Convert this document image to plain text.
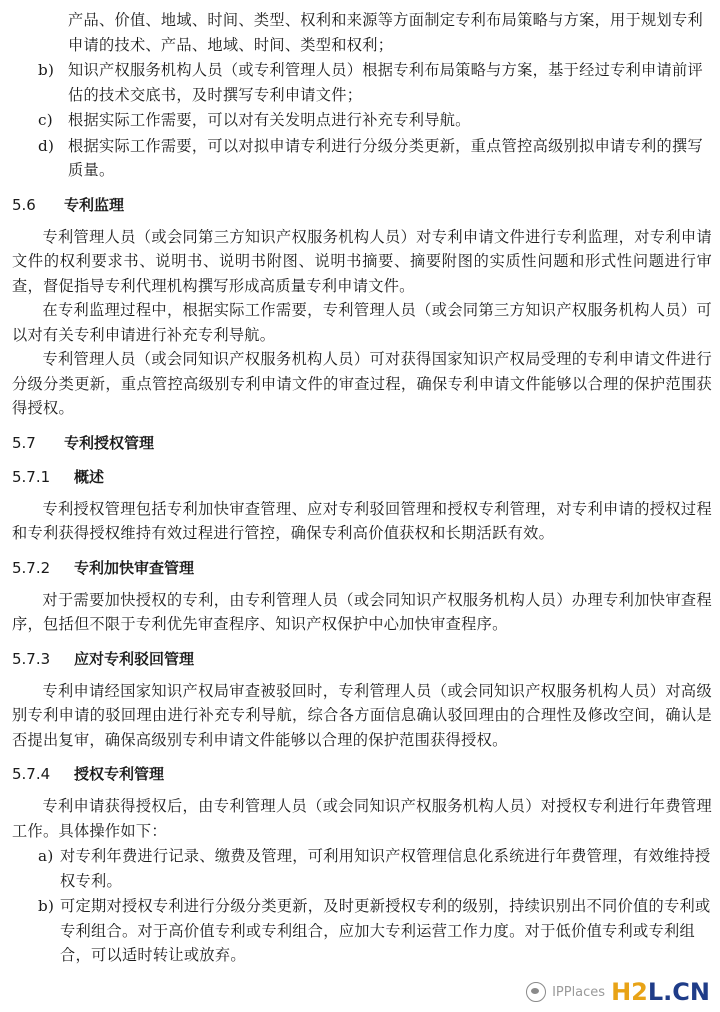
产品、价值、地域、时间、类型、权利和来源等方面制定专利布局策略与方案，用于规划专利申请的技术、产品、地域、时间、类型和权利；
b) 知识产权服务机构人员（或专利管理人员）根据专利布局策略与方案，基于经过专利申请前评估的技术交底书，及时撰写专利申请文件；
c) 根据实际工作需要，可以对有关发明点进行补充专利导航。
d) 根据实际工作需要，可以对拟申请专利进行分级分类更新，重点管控高级别拟申请专利的撰写质量。
5.6	专利监理

专利管理人员（或会同第三方知识产权服务机构人员）对专利申请文件进行专利监理，对专利申请文件的权利要求书、说明书、说明书附图、说明书摘要、摘要附图的实质性问题和形式性问题进行审查，督促指导专利代理机构撰写形成高质量专利申请文件。

在专利监理过程中，根据实际工作需要，专利管理人员（或会同第三方知识产权服务机构人员）可以对有关专利申请进行补充专利导航。

专利管理人员（或会同知识产权服务机构人员）可对获得国家知识产权局受理的专利申请文件进行分级分类更新，重点管控高级别专利申请文件的审查过程，确保专利申请文件能够以合理的保护范围获得授权。

5.7	专利授权管理
5.7.1	概述

专利授权管理包括专利加快审查管理、应对专利驳回管理和授权专利管理，对专利申请的授权过程和专利获得授权维持有效过程进行管控，确保专利高价值获权和长期活跃有效。

5.7.2	专利加快审查管理

对于需要加快授权的专利，由专利管理人员（或会同知识产权服务机构人员）办理专利加快审查程序，包括但不限于专利优先审查程序、知识产权保护中心加快审查程序。

5.7.3	应对专利驳回管理

专利申请经国家知识产权局审查被驳回时，专利管理人员（或会同知识产权服务机构人员）对高级别专利申请的驳回理由进行补充专利导航，综合各方面信息确认驳回理由的合理性及修改空间，确认是否提出复审，确保高级别专利申请文件能够以合理的保护范围获得授权。

5.7.4	授权专利管理

专利申请获得授权后，由专利管理人员（或会同知识产权服务机构人员）对授权专利进行年费管理工作。具体操作如下：

a) 对专利年费进行记录、缴费及管理，可利用知识产权管理信息化系统进行年费管理，有效维持授权专利。
b) 可定期对授权专利进行分级分类更新，及时更新授权专利的级别，持续识别出不同价值的专利或专利组合。对于高价值专利或专利组合，应加大专利运营工作力度。对于低价值专利或专利组合，可以适时转让或放弃。
IPPlaces H2L.CN
